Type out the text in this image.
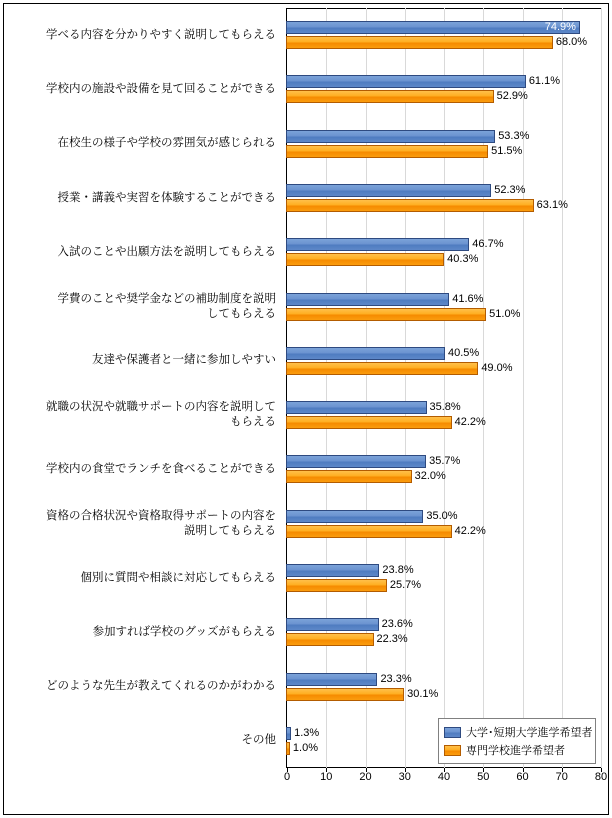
学べる内容を分かりやすく説明してもらえる
学校内の施設や設備を見て回ることができる
在校生の様子や学校の雰囲気が感じられる
授業・講義や実習を体験することができる
入試のことや出願方法を説明してもらえる
学費のことや奨学金などの補助制度を説明
してもらえる
友達や保護者と一緒に参加しやすい
就職の状況や就職サポートの内容を説明して
もらえる
学校内の食堂でランチを食べることができる
資格の合格状況や資格取得サポートの内容を
説明してもらえる
個別に質問や相談に対応してもらえる
参加すれば学校のグッズがもらえる
どのような先生が教えてくれるのかがわかる
その他
74.9%
68.0%
61.1%
52.9%
53.3%
51.5%
52.3%
63.1%
46.7%
40.3%
41.6%
51.0%
40.5%
49.0%
35.8%
42.2%
35.7%
32.0%
35.0%
42.2%
23.8%
25.7%
23.6%
22.3%
23.3%
30.1%
1.3%
1.0%
0	10 20 30 40 50 60 70 80
大学･短期大学進学希望者
専門学校進学希望者
